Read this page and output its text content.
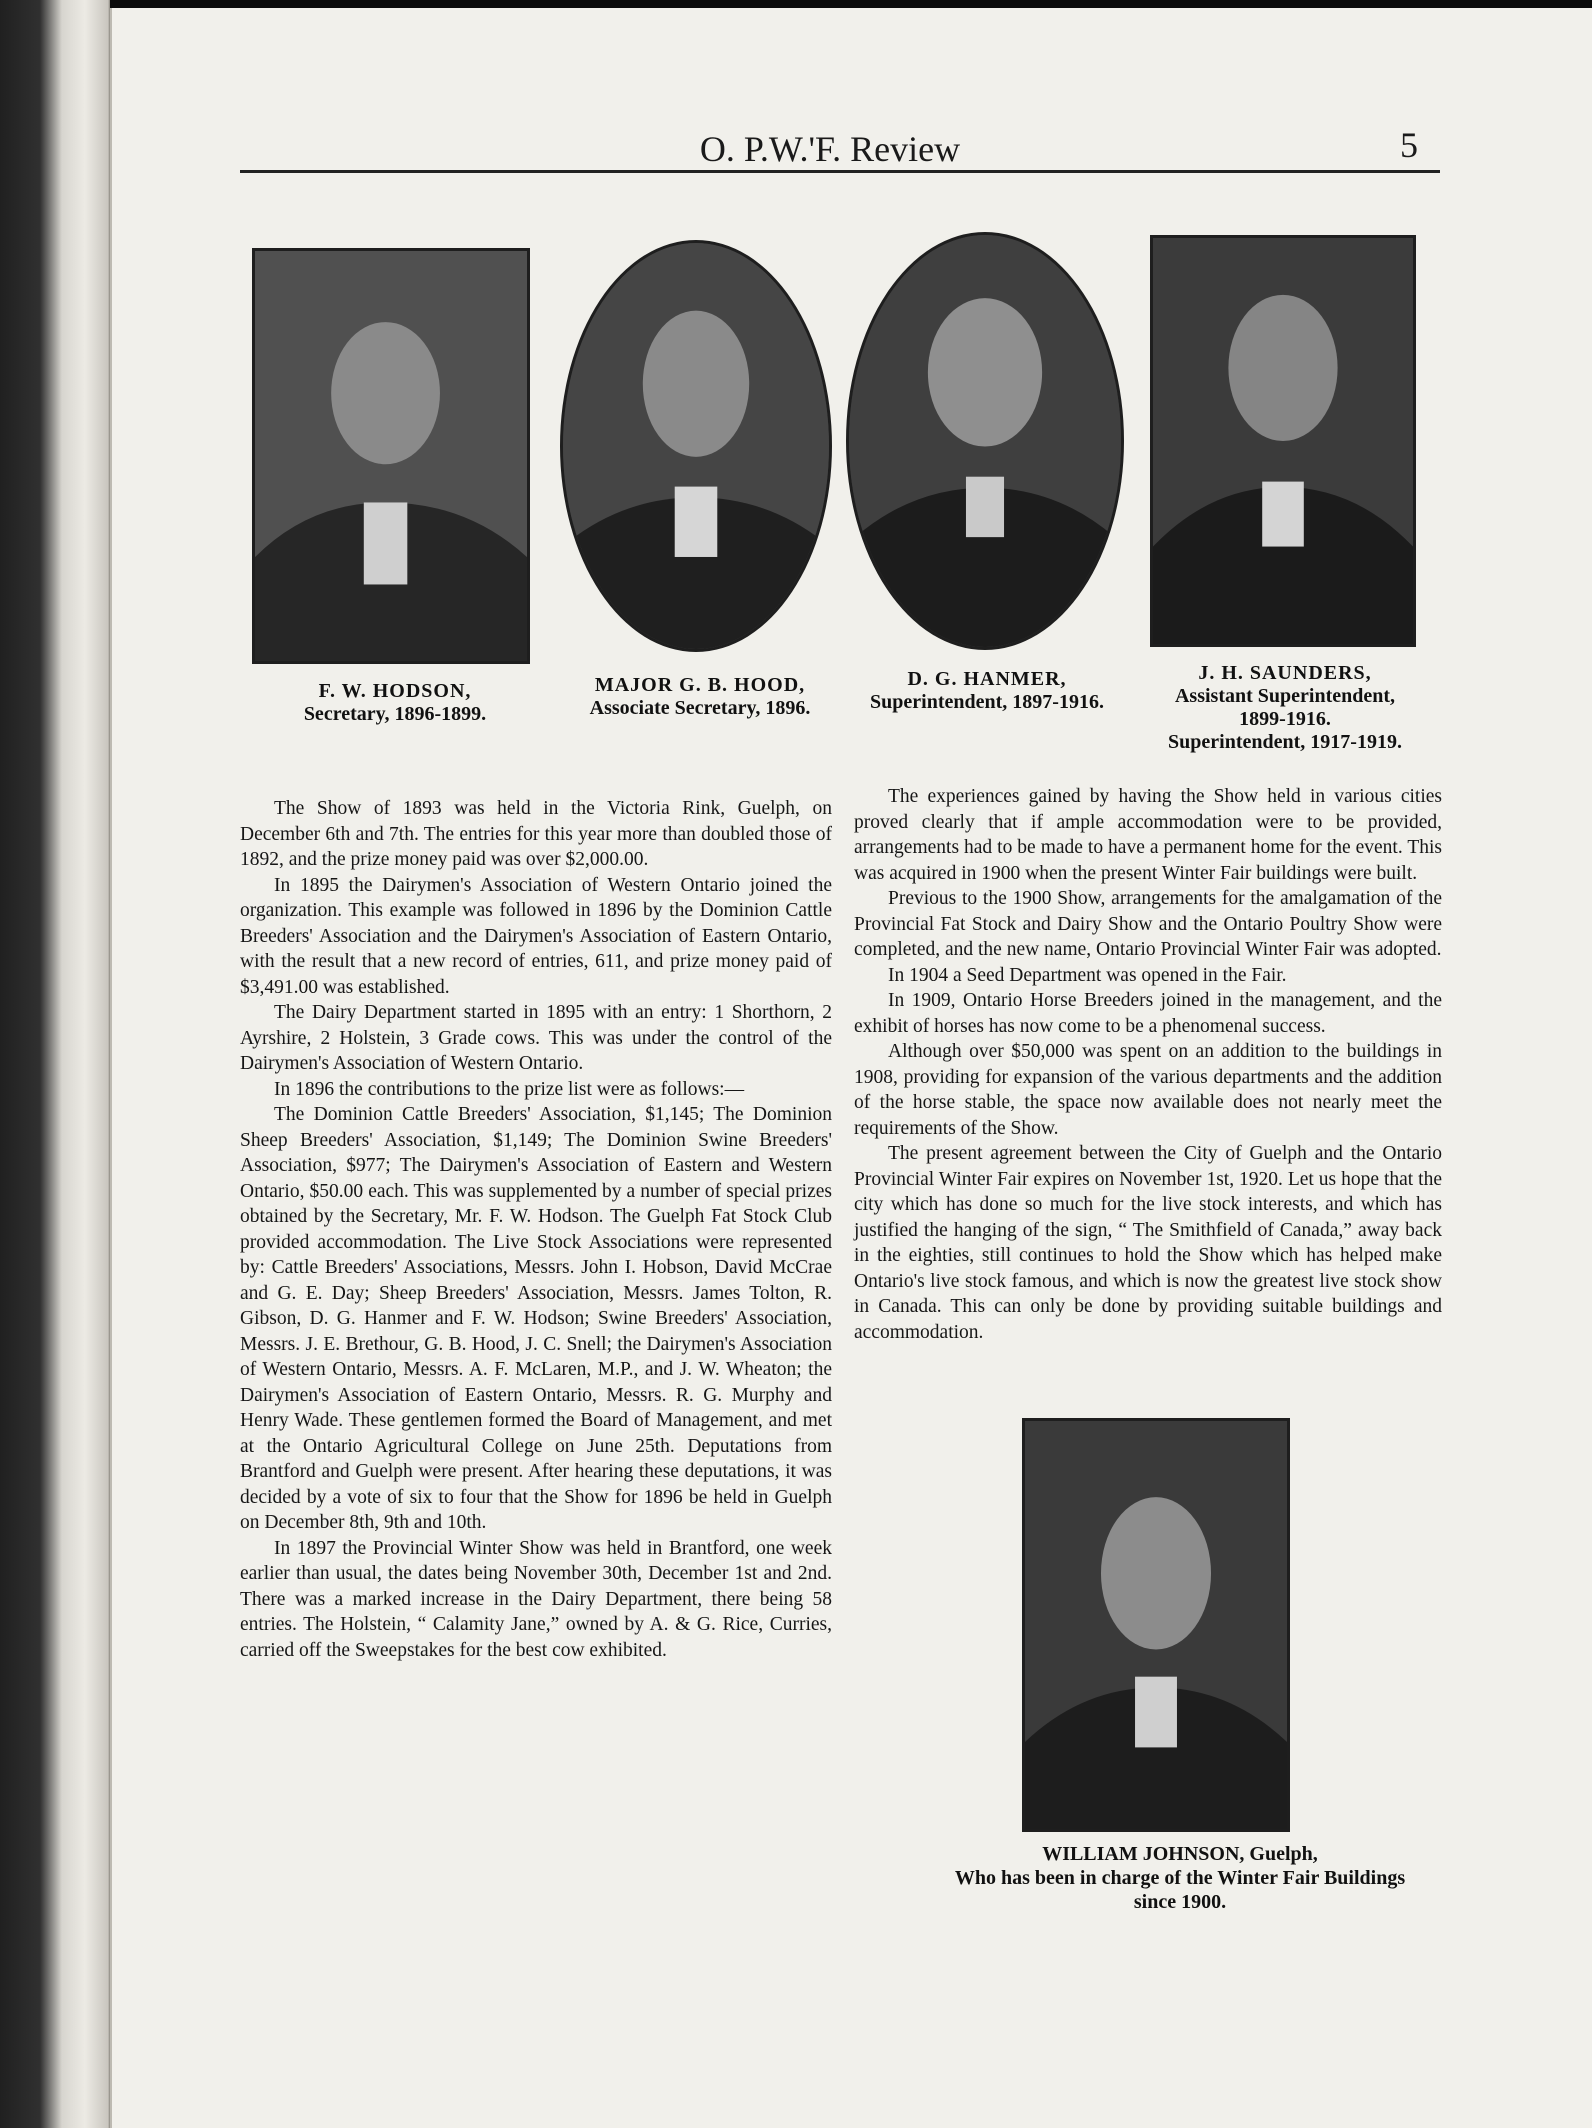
O. P.W.'F. Review	5
F. W. HODSON,
Secretary, 1896-1899.
MAJOR G. B. HOOD,
Associate Secretary, 1896.
D. G. HANMER,
Superintendent, 1897-1916.
J. H. SAUNDERS,
Assistant Superintendent,
1899-1916.
Superintendent, 1917-1919.

The Show of 1893 was held in the Victoria Rink, Guelph, on December 6th and 7th. The entries for this year more than doubled those of 1892, and the prize money paid was over $2,000.00.

In 1895 the Dairymen's Association of Western Ontario joined the organization. This example was followed in 1896 by the Dominion Cattle Breeders' Association and the Dairymen's Association of Eastern Ontario, with the result that a new record of entries, 611, and prize money paid of $3,491.00 was established.

The Dairy Department started in 1895 with an entry: 1 Shorthorn, 2 Ayrshire, 2 Holstein, 3 Grade cows. This was under the control of the Dairymen's Association of Western Ontario.

In 1896 the contributions to the prize list were as follows:—

The Dominion Cattle Breeders' Association, $1,145; The Dominion Sheep Breeders' Association, $1,149; The Dominion Swine Breeders' Association, $977; The Dairymen's Association of Eastern and Western Ontario, $50.00 each. This was supplemented by a number of special prizes obtained by the Secretary, Mr. F. W. Hodson. The Guelph Fat Stock Club provided accommodation. The Live Stock Associations were represented by: Cattle Breeders' Associations, Messrs. John I. Hobson, David McCrae and G. E. Day; Sheep Breeders' Association, Messrs. James Tolton, R. Gibson, D. G. Hanmer and F. W. Hodson; Swine Breeders' Association, Messrs. J. E. Brethour, G. B. Hood, J. C. Snell; the Dairymen's Association of Western Ontario, Messrs. A. F. McLaren, M.P., and J. W. Wheaton; the Dairymen's Association of Eastern Ontario, Messrs. R. G. Murphy and Henry Wade. These gentlemen formed the Board of Management, and met at the Ontario Agricultural College on June 25th. Deputations from Brantford and Guelph were present. After hearing these deputations, it was decided by a vote of six to four that the Show for 1896 be held in Guelph on December 8th, 9th and 10th.

In 1897 the Provincial Winter Show was held in Brantford, one week earlier than usual, the dates being November 30th, December 1st and 2nd. There was a marked increase in the Dairy Department, there being 58 entries. The Holstein, “ Calamity Jane,” owned by A. & G. Rice, Curries, carried off the Sweepstakes for the best cow exhibited.

The experiences gained by having the Show held in various cities proved clearly that if ample accommodation were to be provided, arrangements had to be made to have a permanent home for the event. This was acquired in 1900 when the present Winter Fair buildings were built.

Previous to the 1900 Show, arrangements for the amalgamation of the Provincial Fat Stock and Dairy Show and the Ontario Poultry Show were completed, and the new name, Ontario Provincial Winter Fair was adopted.

In 1904 a Seed Department was opened in the Fair.

In 1909, Ontario Horse Breeders joined in the management, and the exhibit of horses has now come to be a phenomenal success.

Although over $50,000 was spent on an addition to the buildings in 1908, providing for expansion of the various departments and the addition of the horse stable, the space now available does not nearly meet the requirements of the Show.

The present agreement between the City of Guelph and the Ontario Provincial Winter Fair expires on November 1st, 1920. Let us hope that the city which has done so much for the live stock interests, and which has justified the hanging of the sign, “ The Smithfield of Canada,” away back in the eighties, still continues to hold the Show which has helped make Ontario's live stock famous, and which is now the greatest live stock show in Canada. This can only be done by providing suitable buildings and accommodation.

WILLIAM JOHNSON, Guelph,
Who has been in charge of the Winter Fair Buildings
since 1900.
